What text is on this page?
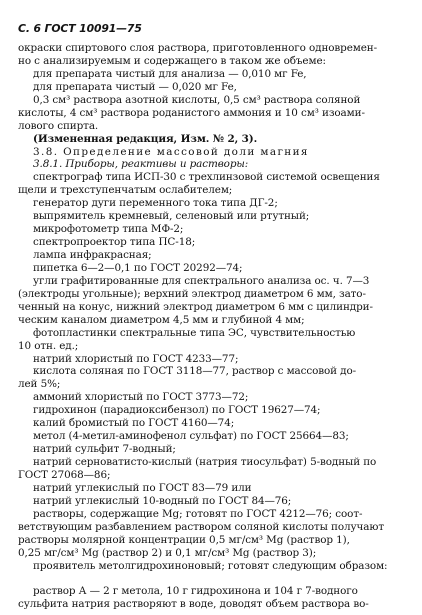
С. 6 ГОСТ 10091—75
окраски спиртового слоя раствора, приготовленного одновремен-
но с анализируемым и содержащего в таком же объеме:
для препарата чистый для анализа — 0,010 мг Fe,
для препарата чистый — 0,020 мг Fe,
0,3 см³ раствора азотной кислоты, 0,5 см³ раствора соляной
кислоты, 4 см³ раствора роданистого аммония и 10 см³ изоами-
лового спирта.
(Измененная редакция, Изм. № 2, 3).
3.8. Определение массовой доли магния
3.8.1. Приборы, реактивы и растворы:
спектрограф типа ИСП-30 с трехлинзовой системой освещения
щели и трехступенчатым ослабителем;
генератор дуги переменного тока типа ДГ-2;
выпрямитель кремневый, селеновый или ртутный;
микрофотометр типа МФ-2;
спектропроектор типа ПС-18;
лампа инфракрасная;
пипетка 6—2—0,1 по ГОСТ 20292—74;
угли графитированные для спектрального анализа ос. ч. 7—3
(электроды угольные); верхний электрод диаметром 6 мм, зато-
ченный на конус, нижний электрод диаметром 6 мм с цилиндри-
ческим каналом диаметром 4,5 мм и глубиной 4 мм;
фотопластинки спектральные типа ЭС, чувствительностью
10 отн. ед.;
натрий хлористый по ГОСТ 4233—77;
кислота соляная по ГОСТ 3118—77, раствор с массовой до-
лей 5%;
аммоний хлористый по ГОСТ 3773—72;
гидрохинон (парадиоксибензол) по ГОСТ 19627—74;
калий бромистый по ГОСТ 4160—74;
метол (4-метил-аминофенол сульфат) по ГОСТ 25664—83;
натрий сульфит 7-водный;
натрий серноватисто-кислый (натрия тиосульфат) 5-водный по
ГОСТ 27068—86;
натрий углекислый по ГОСТ 83—79 или
натрий углекислый 10-водный по ГОСТ 84—76;
растворы, содержащие Mg; готовят по ГОСТ 4212—76; соот-
ветствующим разбавлением раствором соляной кислоты получают
растворы молярной концентрации 0,5 мг/см³ Mg (раствор 1),
0,25 мг/см³ Mg (раствор 2) и 0,1 мг/см³ Mg (раствор 3);
проявитель метолгидрохиноновый; готовят следующим образом:
раствор А — 2 г метола, 10 г гидрохинона и 104 г 7-водного
сульфита натрия растворяют в воде, доводят объем раствора во-
